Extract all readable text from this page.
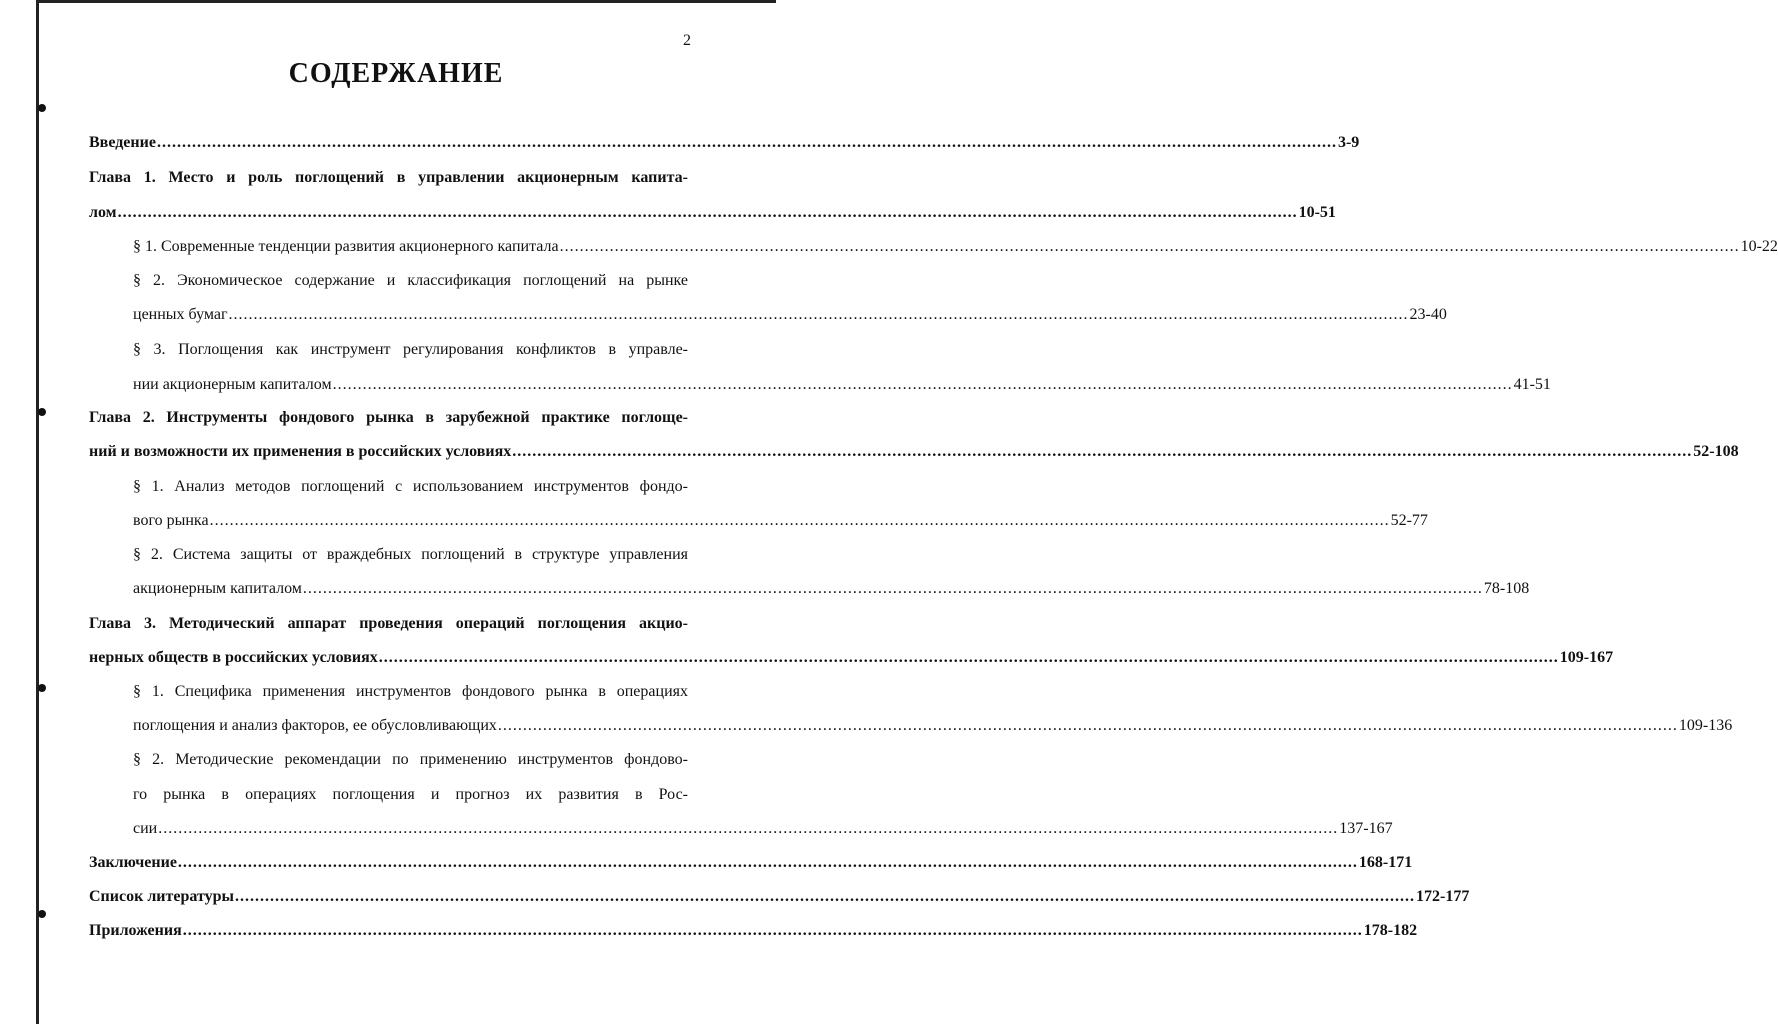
2
СОДЕРЖАНИЕ
Введение ............................................................................................................................................................................................................................................ 3-9
Глава 1. Место и роль поглощений в управлении акционерным капита-
лом ............................................................................................................................................................................................................................................ 10-51
§ 1. Современные тенденции развития акционерного капитала ............................................................................................................................................................................................................................................ 10-22
§ 2. Экономическое содержание и классификация поглощений на рынке
ценных бумаг ............................................................................................................................................................................................................................................ 23-40
§ 3. Поглощения как инструмент регулирования конфликтов в управле-
нии акционерным капиталом ............................................................................................................................................................................................................................................ 41-51
Глава 2. Инструменты фондового рынка в зарубежной практике поглоще-
ний и возможности их применения в российских условиях ............................................................................................................................................................................................................................................ 52-108
§ 1. Анализ методов поглощений с использованием инструментов фондо-
вого рынка ............................................................................................................................................................................................................................................ 52-77
§ 2. Система защиты от враждебных поглощений в структуре управления
акционерным капиталом ............................................................................................................................................................................................................................................ 78-108
Глава 3. Методический аппарат проведения операций поглощения акцио-
нерных обществ в российских условиях ............................................................................................................................................................................................................................................ 109-167
§ 1. Специфика применения инструментов фондового рынка в операциях
поглощения и анализ факторов, ее обусловливающих ............................................................................................................................................................................................................................................ 109-136
§ 2. Методические рекомендации по применению инструментов фондово-
го рынка в операциях поглощения и прогноз их развития в Рос-
сии ............................................................................................................................................................................................................................................ 137-167
Заключение ............................................................................................................................................................................................................................................ 168-171
Список литературы ............................................................................................................................................................................................................................................ 172-177
Приложения ............................................................................................................................................................................................................................................ 178-182
